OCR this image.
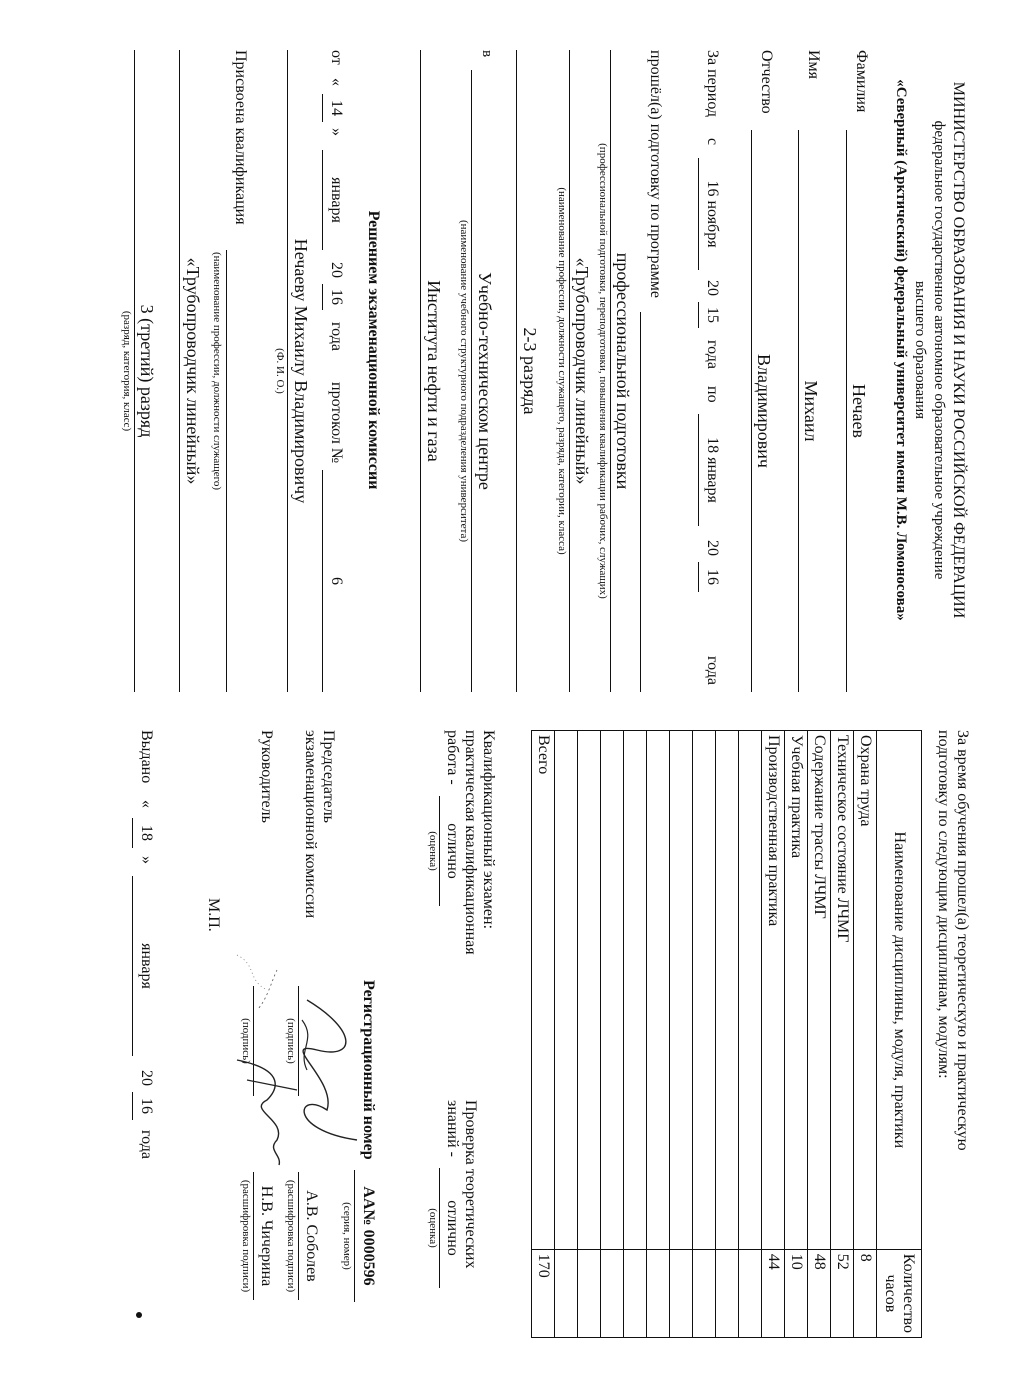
МИНИСТЕРСТВО ОБРАЗОВАНИЯ И НАУКИ РОССИЙСКОЙ ФЕДЕРАЦИИ
федеральное государственное автономное образовательное учреждение
высшего образования
«Северный (Арктический) федеральный университет имени М.В. Ломоносова»
Фамилия
Нечаев
Имя
Михаил
Отчество
Владимирович
За период
с
16 ноября
20
15
года
по
18 января
20
16
года
прошёл(а) подготовку по программе
профессиональной подготовки
(профессиональной подготовки, переподготовки, повышения квалификации рабочих, служащих)
«Трубопроводчик линейный»
(наименование профессии, должности служащего, разряда, категории, класса)
2-3 разряда
в
Учебно-техническом центре
(наименование учебного структурного подразделения университета)
Института нефти и газа
Решением экзаменационной комиссии
от
«
14
»
января
20
16
года
протокол №
6
Нечаеву Михаилу Владимировичу
(Ф. И. О.)
Присвоена квалификация
(наименование профессии, должности служащего)
«Трубопроводчик линейный»
3 (третий) разряд
(разряд, категория, класс)
За время обучения прошел(а) теоретическую и практическую
подготовку по следующим дисциплинам, модулям:
Наименование дисциплины, модуля, практики	Количество часов
Охрана труда	8
Техническое состояние ЛЧМГ	52
Содержание трассы ЛЧМГ	48
Учебная практика	10
Производственная практика	44

Всего	170
Квалификационный экзамен:
практическая квалификационная
работа -
отлично
(оценка)
Проверка теоретических
знаний -
отлично
(оценка)
Регистрационный номер
АА№ 0000596
(серия, номер)
Председатель
экзаменационной комиссии
(подпись)
А.В. Соболев
(расшифровка подписи)
Руководитель
(подпись)
Н.В. Чичерина
(расшифровка подписи)
М.П.
Выдано
«
18
»
января
20
16
года
